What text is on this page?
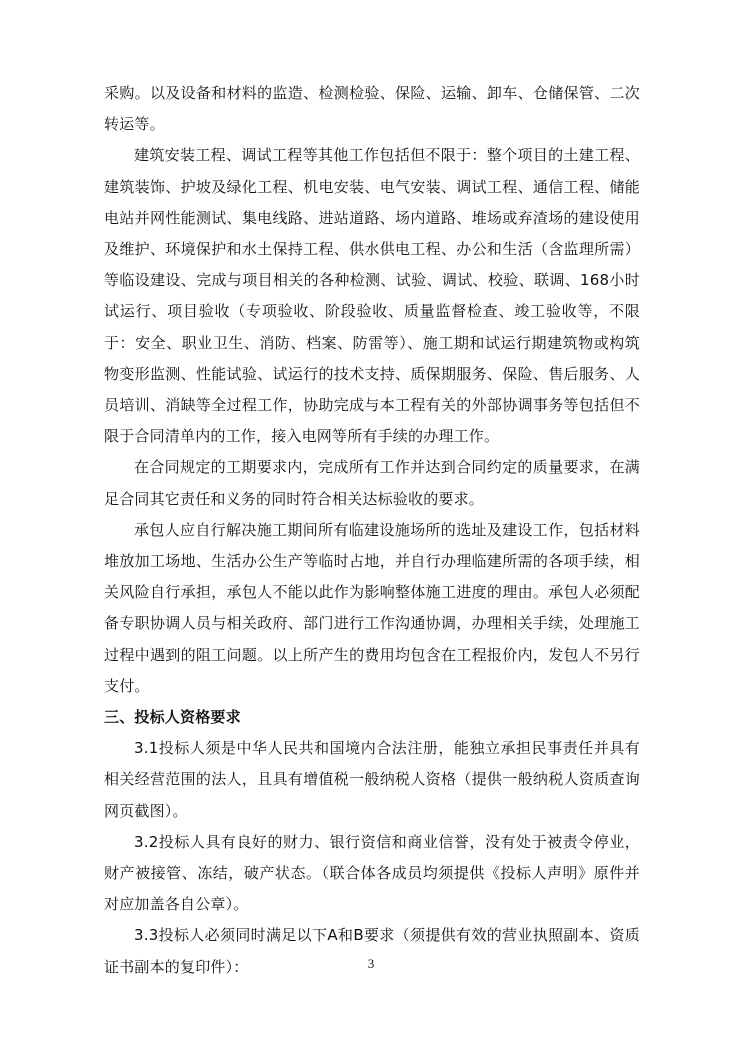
采购。以及设备和材料的监造、检测检验、保险、运输、卸车、仓储保管、二次转运等。

建筑安装工程、调试工程等其他工作包括但不限于：整个项目的土建工程、建筑装饰、护坡及绿化工程、机电安装、电气安装、调试工程、通信工程、储能电站并网性能测试、集电线路、进站道路、场内道路、堆场或弃渣场的建设使用及维护、环境保护和水土保持工程、供水供电工程、办公和生活（含监理所需）等临设建设、完成与项目相关的各种检测、试验、调试、校验、联调、168小时试运行、项目验收（专项验收、阶段验收、质量监督检查、竣工验收等，不限于：安全、职业卫生、消防、档案、防雷等）、施工期和试运行期建筑物或构筑物变形监测、性能试验、试运行的技术支持、质保期服务、保险、售后服务、人员培训、消缺等全过程工作，协助完成与本工程有关的外部协调事务等包括但不限于合同清单内的工作，接入电网等所有手续的办理工作。

在合同规定的工期要求内，完成所有工作并达到合同约定的质量要求，在满足合同其它责任和义务的同时符合相关达标验收的要求。

承包人应自行解决施工期间所有临建设施场所的选址及建设工作，包括材料堆放加工场地、生活办公生产等临时占地，并自行办理临建所需的各项手续，相关风险自行承担，承包人不能以此作为影响整体施工进度的理由。承包人必须配备专职协调人员与相关政府、部门进行工作沟通协调，办理相关手续，处理施工过程中遇到的阻工问题。以上所产生的费用均包含在工程报价内，发包人不另行支付。

三、投标人资格要求

3.1投标人须是中华人民共和国境内合法注册，能独立承担民事责任并具有相关经营范围的法人，且具有增值税一般纳税人资格（提供一般纳税人资质查询网页截图）。

3.2投标人具有良好的财力、银行资信和商业信誉，没有处于被责令停业，财产被接管、冻结，破产状态。（联合体各成员均须提供《投标人声明》原件并对应加盖各自公章）。

3.3投标人必须同时满足以下A和B要求（须提供有效的营业执照副本、资质证书副本的复印件）：	3
